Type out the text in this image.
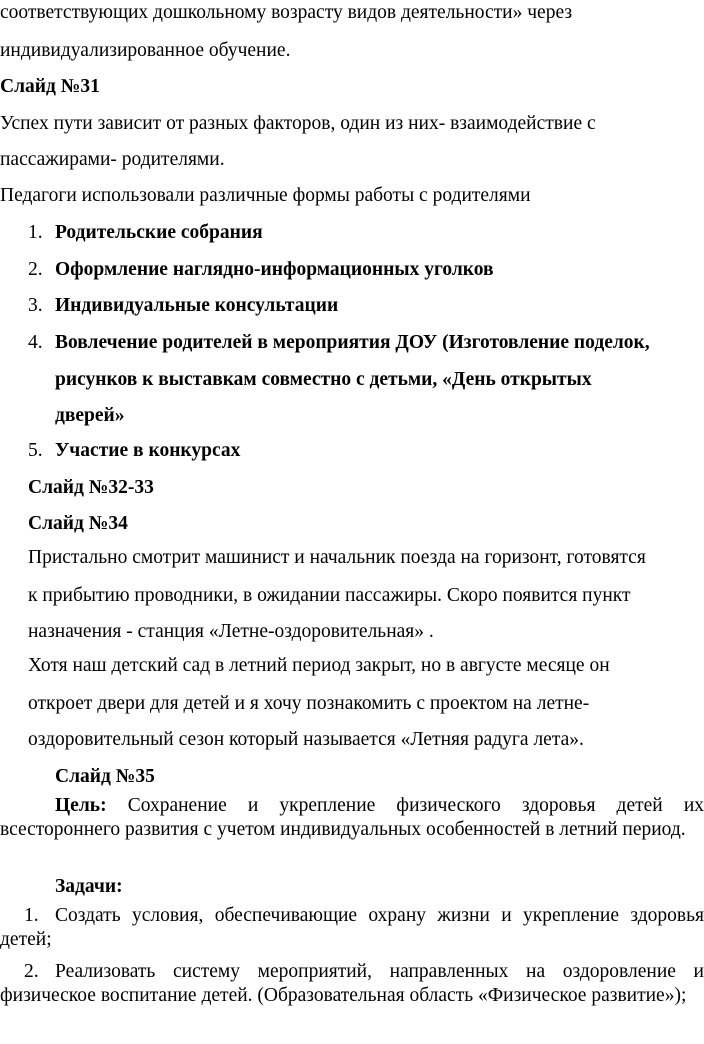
соответствующих дошкольному возрасту видов деятельности» через
индивидуализированное обучение.
Слайд №31
Успех пути зависит от разных факторов, один из них- взаимодействие с
пассажирами- родителями.
Педагоги использовали различные формы работы с родителями
1. Родительские собрания
2. Оформление наглядно-информационных уголков
3. Индивидуальные консультации
4. Вовлечение родителей в мероприятия ДОУ (Изготовление поделок,
рисунков к выставкам совместно с детьми, «День открытых
дверей»
5. Участие в конкурсах
Слайд №32-33
Слайд №34
Пристально смотрит машинист и начальник поезда на горизонт, готовятся
к прибытию проводники, в ожидании пассажиры. Скоро появится пункт
назначения - станция «Летне-оздоровительная» .
Хотя наш детский сад в летний период закрыт, но в августе месяце он
откроет двери для детей и я хочу познакомить с проектом на летне-
оздоровительный сезон который называется «Летняя радуга лета».
Слайд №35
Цель: Сохранение и укрепление физического здоровья детей их всестороннего развития с учетом индивидуальных особенностей в летний период.
Задачи:
1. Создать условия, обеспечивающие охрану жизни и укрепление здоровья детей;
2. Реализовать систему мероприятий, направленных на оздоровление и физическое воспитание детей. (Образовательная область «Физическое развитие»);
